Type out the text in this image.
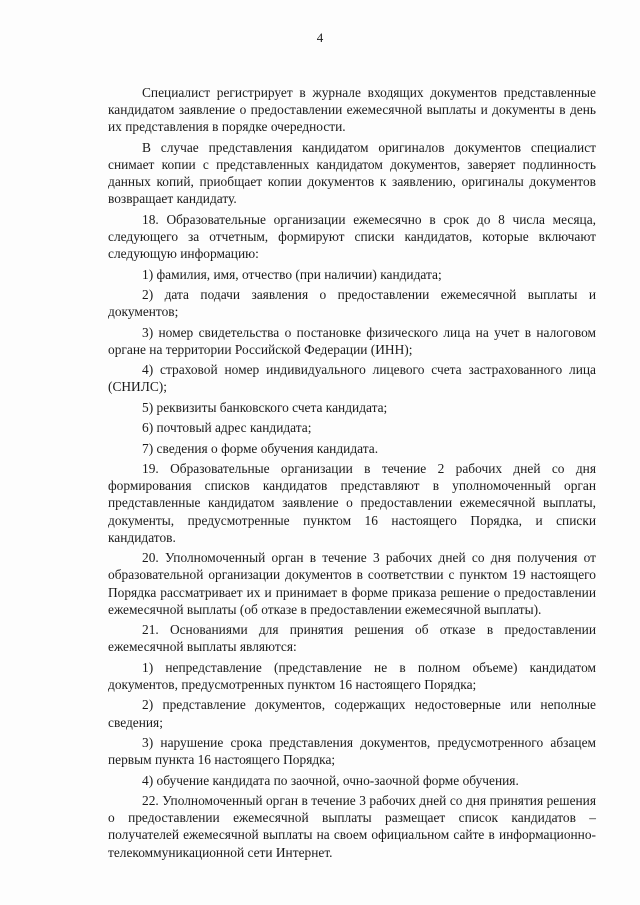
4

Специалист регистрирует в журнале входящих документов представленные кандидатом заявление о предоставлении ежемесячной выплаты и документы в день их представления в порядке очередности.

В случае представления кандидатом оригиналов документов специалист снимает копии с представленных кандидатом документов, заверяет подлинность данных копий, приобщает копии документов к заявлению, оригиналы документов возвращает кандидату.

18. Образовательные организации ежемесячно в срок до 8 числа месяца, следующего за отчетным, формируют списки кандидатов, которые включают следующую информацию:

1) фамилия, имя, отчество (при наличии) кандидата;

2) дата подачи заявления о предоставлении ежемесячной выплаты и документов;

3) номер свидетельства о постановке физического лица на учет в налоговом органе на территории Российской Федерации (ИНН);

4) страховой номер индивидуального лицевого счета застрахованного лица (СНИЛС);

5) реквизиты банковского счета кандидата;

6) почтовый адрес кандидата;

7) сведения о форме обучения кандидата.

19. Образовательные организации в течение 2 рабочих дней со дня формирования списков кандидатов представляют в уполномоченный орган представленные кандидатом заявление о предоставлении ежемесячной выплаты, документы, предусмотренные пунктом 16 настоящего Порядка, и списки кандидатов.

20. Уполномоченный орган в течение 3 рабочих дней со дня получения от образовательной организации документов в соответствии с пунктом 19 настоящего Порядка рассматривает их и принимает в форме приказа решение о предоставлении ежемесячной выплаты (об отказе в предоставлении ежемесячной выплаты).

21. Основаниями для принятия решения об отказе в предоставлении ежемесячной выплаты являются:

1) непредставление (представление не в полном объеме) кандидатом документов, предусмотренных пунктом 16 настоящего Порядка;

2) представление документов, содержащих недостоверные или неполные сведения;

3) нарушение срока представления документов, предусмотренного абзацем первым пункта 16 настоящего Порядка;

4) обучение кандидата по заочной, очно-заочной форме обучения.

22. Уполномоченный орган в течение 3 рабочих дней со дня принятия решения о предоставлении ежемесячной выплаты размещает список кандидатов – получателей ежемесячной выплаты на своем официальном сайте в информационно-телекоммуникационной сети Интернет.
